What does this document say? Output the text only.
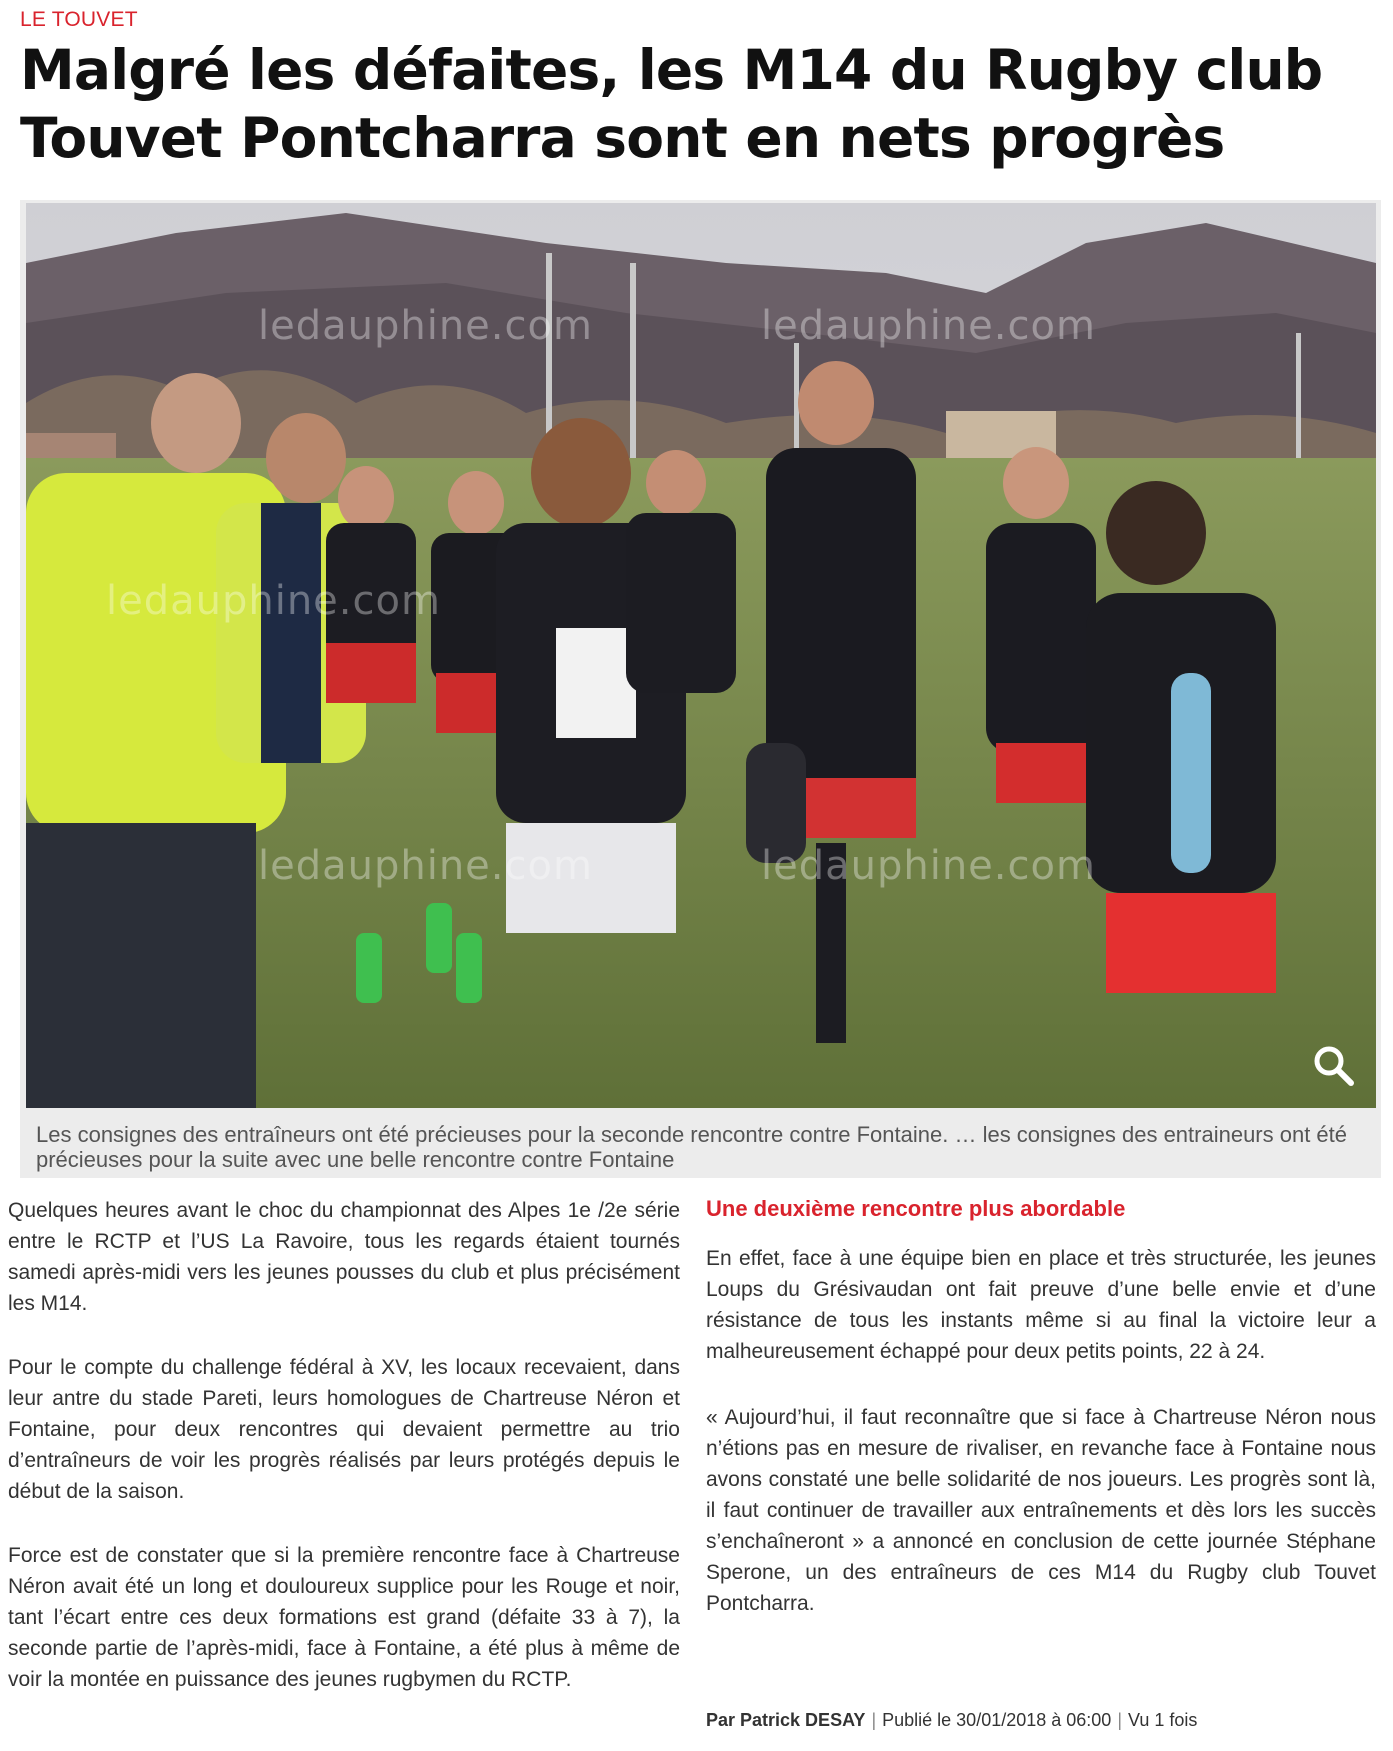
LE TOUVET
Malgré les défaites, les M14 du Rugby club Touvet Pontcharra sont en nets progrès
ledauphine.com	ledauphine.com
ledauphine.com
ledauphine.com	ledauphine.com
Les consignes des entraîneurs ont été précieuses pour la seconde rencontre contre Fontaine. … les consignes des entraineurs ont été précieuses pour la suite avec une belle rencontre contre Fontaine

Quelques heures avant le choc du championnat des Alpes 1e /2e série entre le RCTP et l’US La Ravoire, tous les regards étaient tournés samedi après-midi vers les jeunes pousses du club et plus précisément les M14.

Pour le compte du challenge fédéral à XV, les locaux recevaient, dans leur antre du stade Pareti, leurs homologues de Chartreuse Néron et Fontaine, pour deux rencontres qui devaient permettre au trio d’entraîneurs de voir les progrès réalisés par leurs protégés depuis le début de la saison.

Force est de constater que si la première rencontre face à Chartreuse Néron avait été un long et douloureux supplice pour les Rouge et noir, tant l’écart entre ces deux formations est grand (défaite 33 à 7), la seconde partie de l’après-midi, face à Fontaine, a été plus à même de voir la montée en puissance des jeunes rugbymen du RCTP.

Une deuxième rencontre plus abordable

En effet, face à une équipe bien en place et très structurée, les jeunes Loups du Grésivaudan ont fait preuve d’une belle envie et d’une résistance de tous les instants même si au final la victoire leur a malheureusement échappé pour deux petits points, 22 à 24.

« Aujourd’hui, il faut reconnaître que si face à Chartreuse Néron nous n’étions pas en mesure de rivaliser, en revanche face à Fontaine nous avons constaté une belle solidarité de nos joueurs. Les progrès sont là, il faut continuer de travailler aux entraînements et dès lors les succès s’enchaîneront » a annoncé en conclusion de cette journée Stéphane Sperone, un des entraîneurs de ces M14 du Rugby club Touvet Pontcharra.

Par Patrick DESAY | Publié le 30/01/2018 à 06:00 | Vu 1 fois
